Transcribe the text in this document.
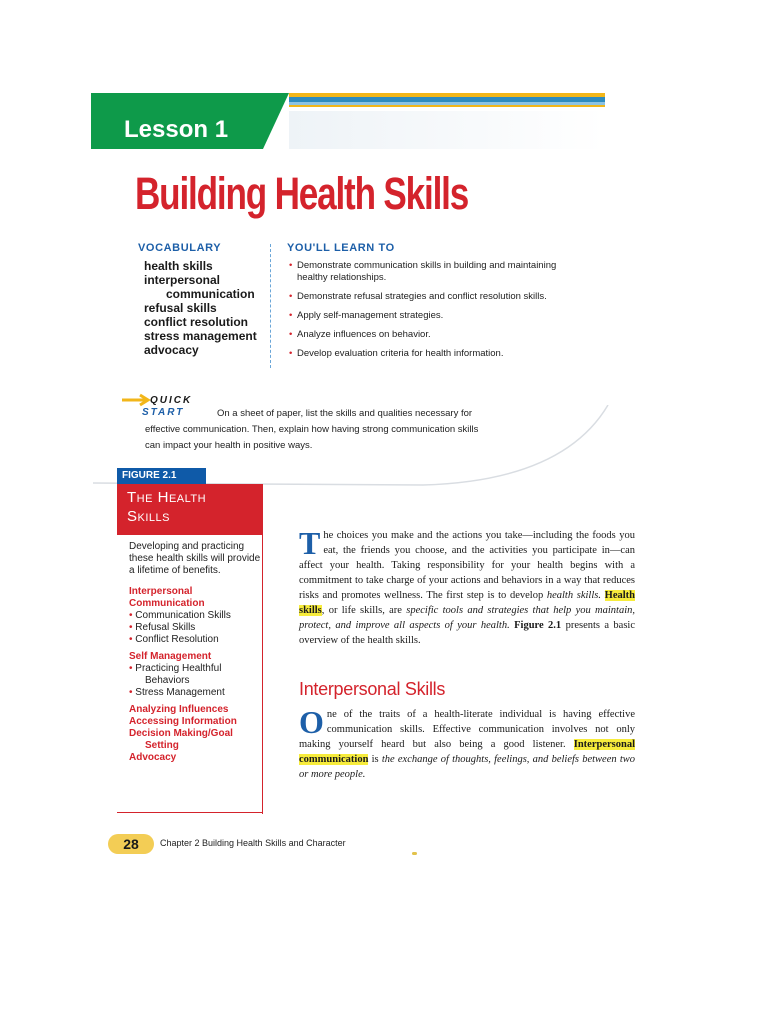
Lesson 1
Building Health Skills
VOCABULARY
health skills
interpersonal
communication
refusal skills
conflict resolution
stress management
advocacy
YOU'LL LEARN TO
• Demonstrate communication skills in building and maintaining healthy relationships.
• Demonstrate refusal strategies and conflict resolution skills.
• Apply self-management strategies.
• Analyze influences on behavior.
• Develop evaluation criteria for health information.
QUICK
START	On a sheet of paper, list the skills and qualities necessary for effective communication. Then, explain how having strong communication skills can impact your health in positive ways.
FIGURE 2.1
The Health
Skills
Developing and practicing these health skills will provide a lifetime of benefits.
Interpersonal
Communication
• Communication Skills
• Refusal Skills
• Conflict Resolution
Self Management
• Practicing Healthful
Behaviors
• Stress Management
Analyzing Influences
Accessing Information
Decision Making/Goal
Setting
Advocacy
The choices you make and the actions you take—including the foods you eat, the friends you choose, and the activities you participate in—can affect your health. Taking responsibility for your health begins with a commitment to take charge of your actions and behaviors in a way that reduces risks and promotes wellness. The first step is to develop health skills. Health skills, or life skills, are specific tools and strategies that help you maintain, protect, and improve all aspects of your health. Figure 2.1 presents a basic overview of the health skills.
Interpersonal Skills
One of the traits of a health-literate individual is having effective communication skills. Effective communication involves not only making yourself heard but also being a good listener. Interpersonal communication is the exchange of thoughts, feelings, and beliefs between two or more people.
28	Chapter 2 Building Health Skills and Character
